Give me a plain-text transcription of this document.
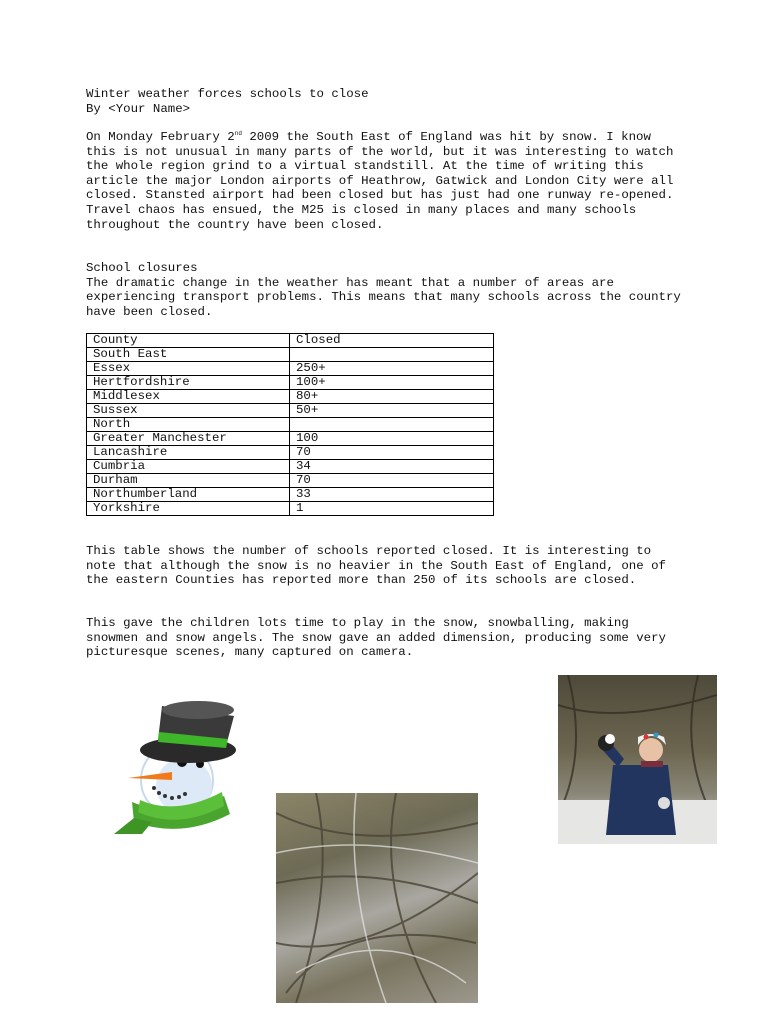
Winter weather forces schools to close

By <Your Name>

On Monday February 2nd 2009 the South East of England was hit by snow. I know this is not unusual in many parts of the world, but it was interesting to watch the whole region grind to a virtual standstill. At the time of writing this article the major London airports of Heathrow, Gatwick and London City were all closed. Stansted airport had been closed but has just had one runway re-opened. Travel chaos has ensued, the M25 is closed in many places and many schools throughout the country have been closed.

School closures

The dramatic change in the weather has meant that a number of areas are experiencing transport problems. This means that many schools across the country have been closed.

County	Closed
South East	
Essex	250+
Hertfordshire	100+
Middlesex	80+
Sussex	50+
North	
Greater Manchester	100
Lancashire	70
Cumbria	34
Durham	70
Northumberland	33
Yorkshire	1

This table shows the number of schools reported closed. It is interesting to note that although the snow is no heavier in the South East of England, one of the eastern Counties has reported more than 250 of its schools are closed.

This gave the children lots time to play in the snow, snowballing, making snowmen and snow angels. The snow gave an added dimension, producing some very picturesque scenes, many captured on camera.
